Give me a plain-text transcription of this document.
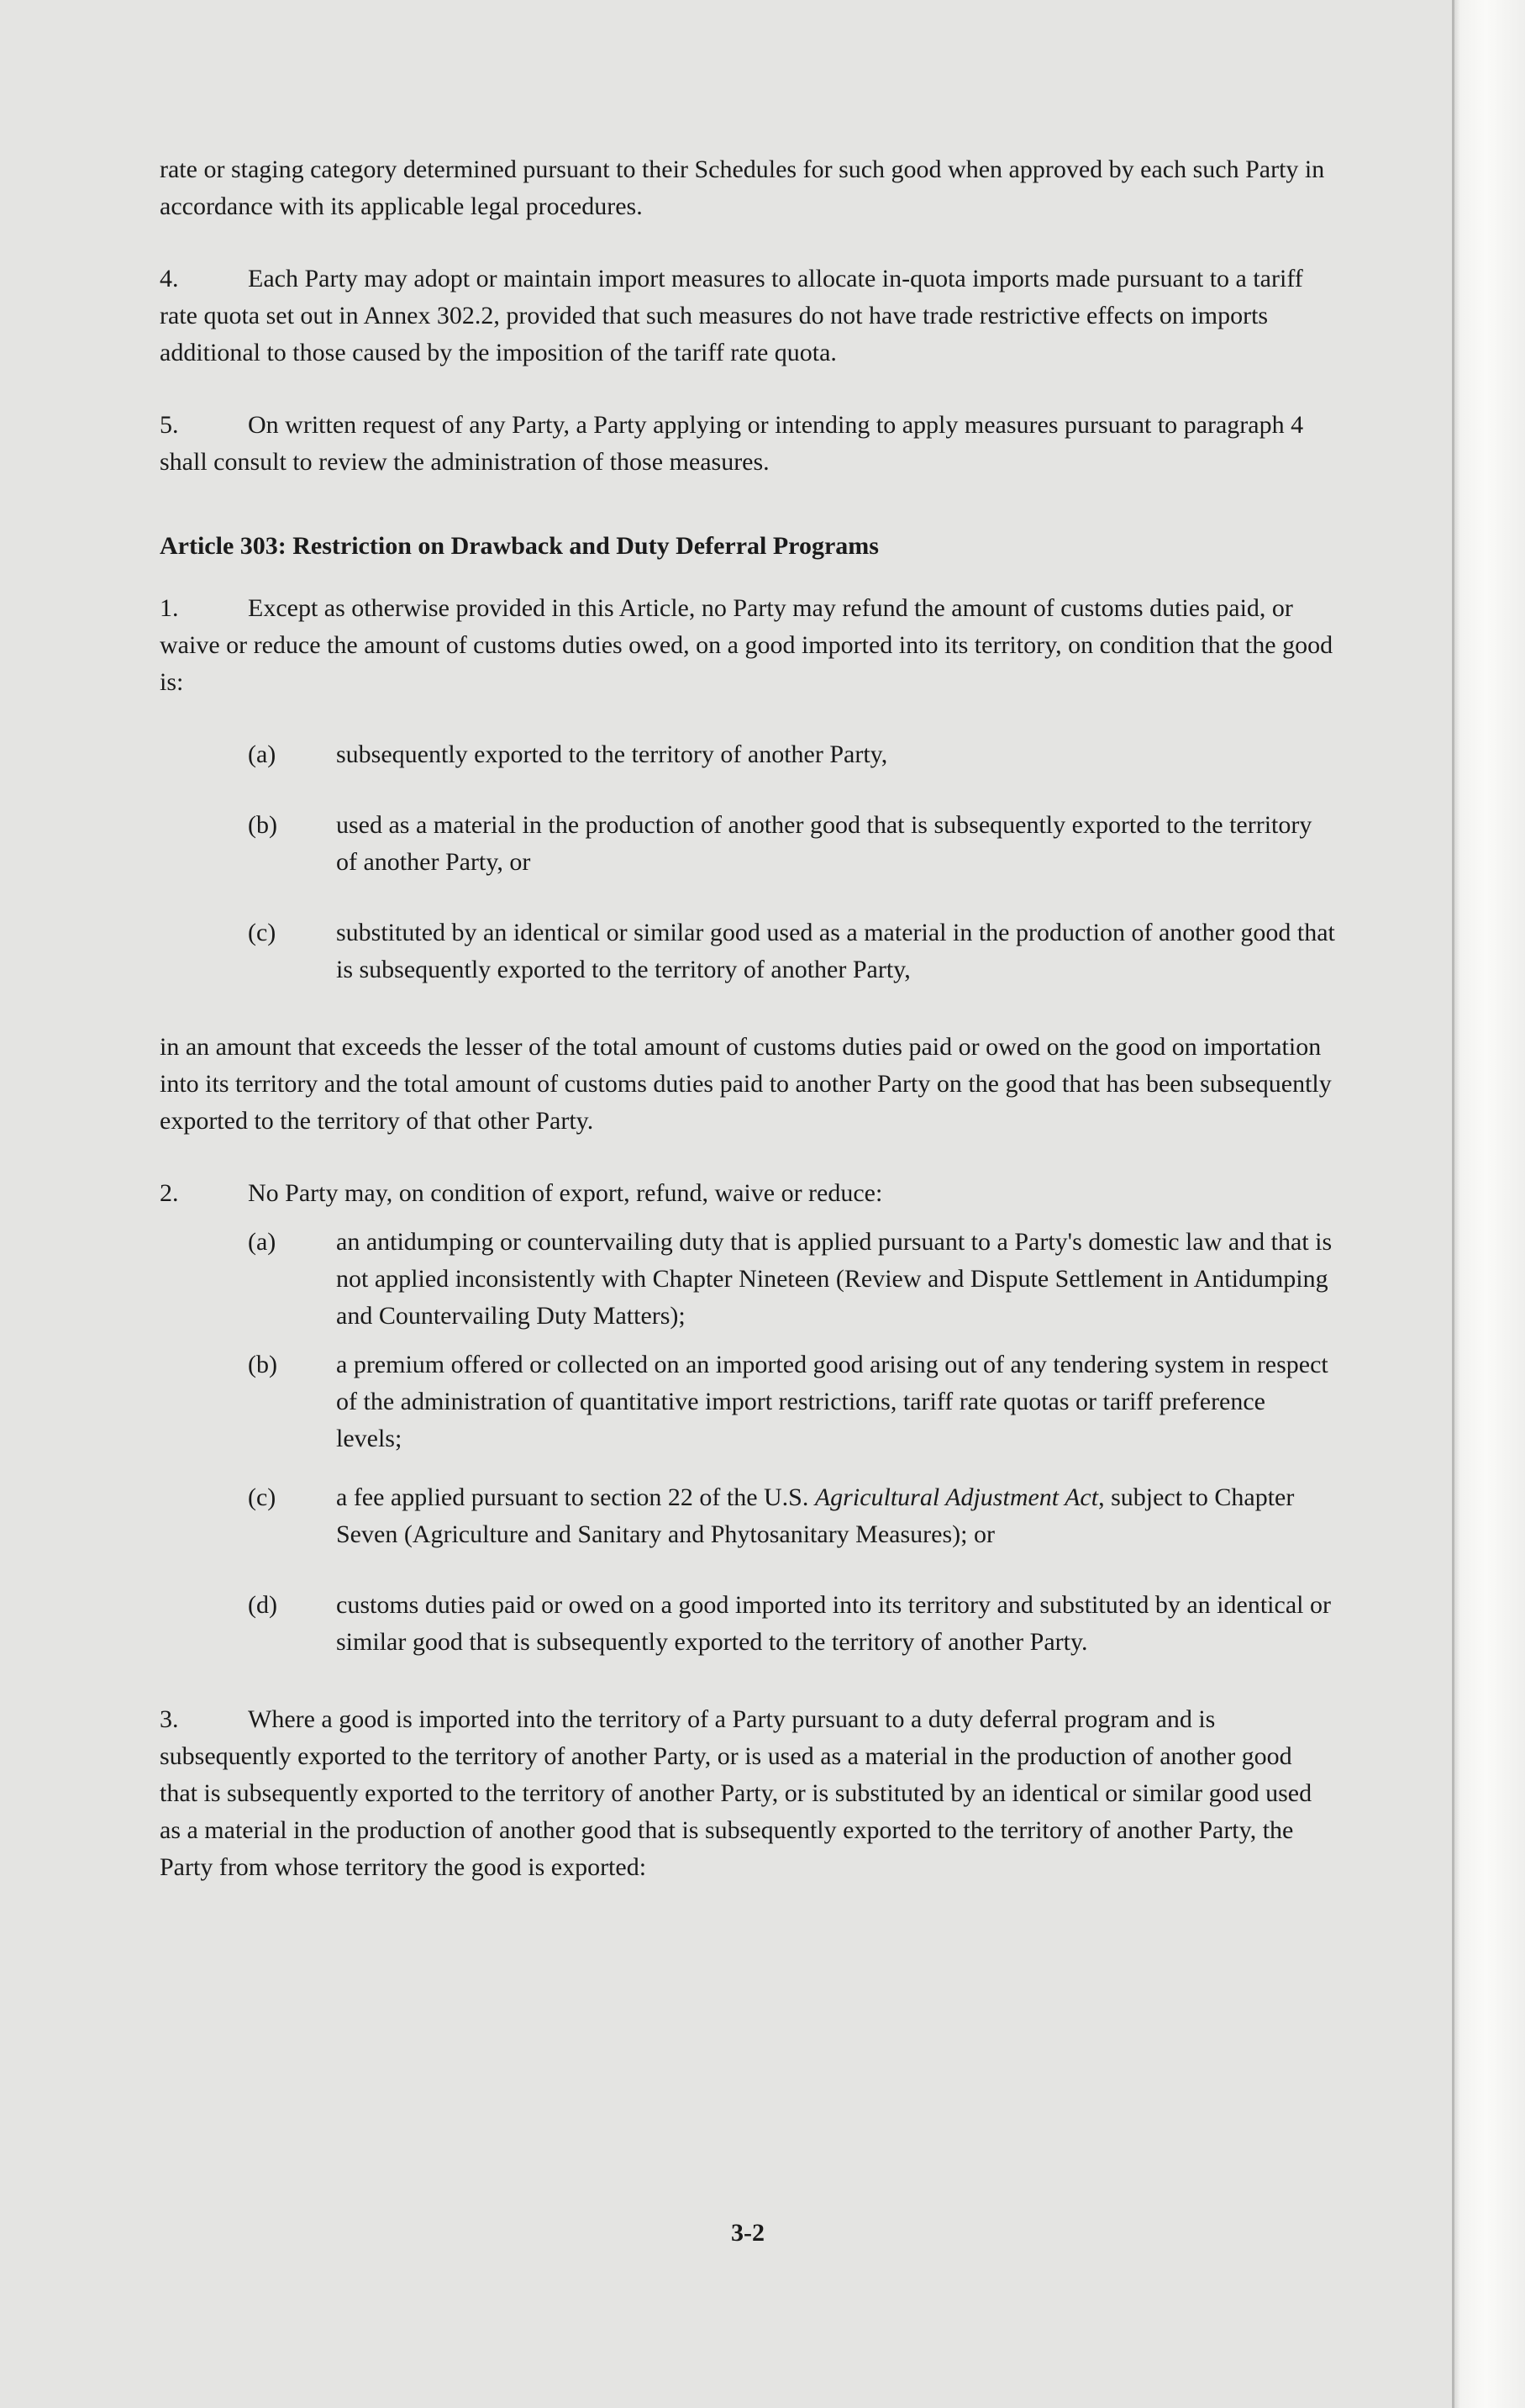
rate or staging category determined pursuant to their Schedules for such good when approved by each such Party in accordance with its applicable legal procedures.

4.	Each Party may adopt or maintain import measures to allocate in-quota imports made pursuant to a tariff rate quota set out in Annex 302.2, provided that such measures do not have trade restrictive effects on imports additional to those caused by the imposition of the tariff rate quota.

5.	On written request of any Party, a Party applying or intending to apply measures pursuant to paragraph 4 shall consult to review the administration of those measures.

Article 303: Restriction on Drawback and Duty Deferral Programs

1.	Except as otherwise provided in this Article, no Party may refund the amount of customs duties paid, or waive or reduce the amount of customs duties owed, on a good imported into its territory, on condition that the good is:

(a)	subsequently exported to the territory of another Party,
(b)	used as a material in the production of another good that is subsequently exported to the territory of another Party, or
(c)	substituted by an identical or similar good used as a material in the production of another good that is subsequently exported to the territory of another Party,

in an amount that exceeds the lesser of the total amount of customs duties paid or owed on the good on importation into its territory and the total amount of customs duties paid to another Party on the good that has been subsequently exported to the territory of that other Party.

2.	No Party may, on condition of export, refund, waive or reduce:

(a)	an antidumping or countervailing duty that is applied pursuant to a Party's domestic law and that is not applied inconsistently with Chapter Nineteen (Review and Dispute Settlement in Antidumping and Countervailing Duty Matters);
(b)	a premium offered or collected on an imported good arising out of any tendering system in respect of the administration of quantitative import restrictions, tariff rate quotas or tariff preference levels;
(c)	a fee applied pursuant to section 22 of the U.S. Agricultural Adjustment Act, subject to Chapter Seven (Agriculture and Sanitary and Phytosanitary Measures); or
(d)	customs duties paid or owed on a good imported into its territory and substituted by an identical or similar good that is subsequently exported to the territory of another Party.

3.	Where a good is imported into the territory of a Party pursuant to a duty deferral program and is subsequently exported to the territory of another Party, or is used as a material in the production of another good that is subsequently exported to the territory of another Party, or is substituted by an identical or similar good used as a material in the production of another good that is subsequently exported to the territory of another Party, the Party from whose territory the good is exported:

3-2
